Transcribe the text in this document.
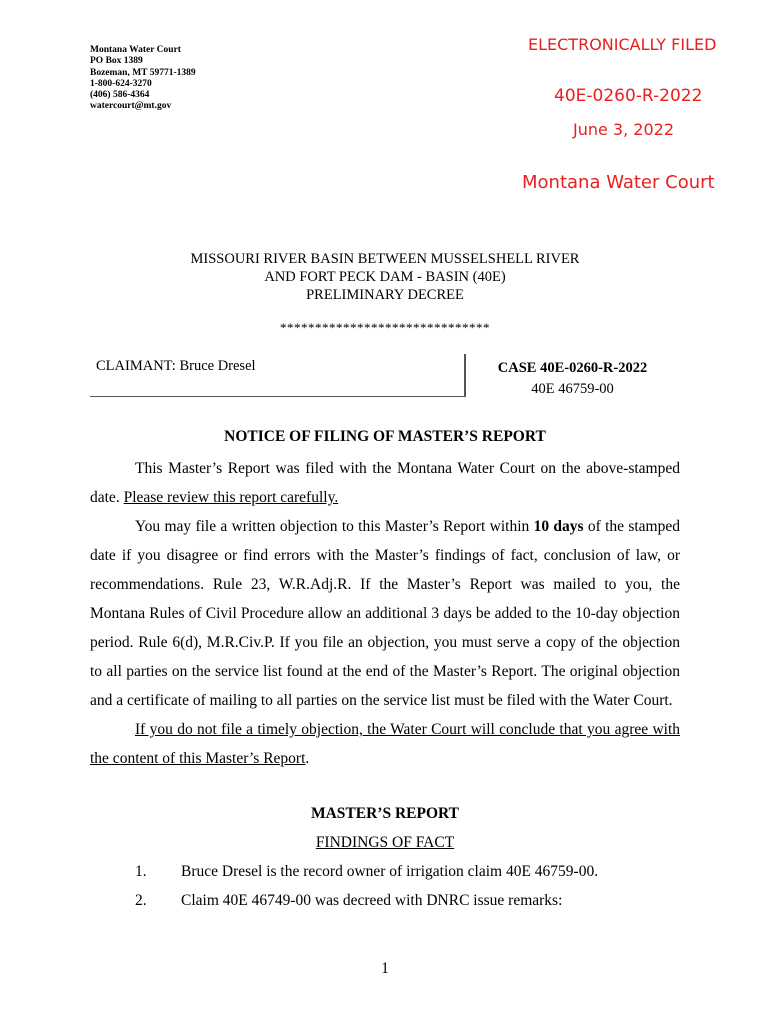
Montana Water Court
PO Box 1389
Bozeman, MT 59771-1389
1-800-624-3270
(406) 586-4364
watercourt@mt.gov
ELECTRONICALLY FILED
40E-0260-R-2022
June 3, 2022
Montana Water Court
MISSOURI RIVER BASIN BETWEEN MUSSELSHELL RIVER
AND FORT PECK DAM - BASIN (40E)
PRELIMINARY DECREE
******************************
CLAIMANT: Bruce Dresel	CASE 40E-0260-R-2022
40E 46759-00
NOTICE OF FILING OF MASTER’S REPORT

This Master’s Report was filed with the Montana Water Court on the above-stamped date. Please review this report carefully.

You may file a written objection to this Master’s Report within 10 days of the stamped date if you disagree or find errors with the Master’s findings of fact, conclusion of law, or recommendations. Rule 23, W.R.Adj.R. If the Master’s Report was mailed to you, the Montana Rules of Civil Procedure allow an additional 3 days be added to the 10-day objection period. Rule 6(d), M.R.Civ.P. If you file an objection, you must serve a copy of the objection to all parties on the service list found at the end of the Master’s Report. The original objection and a certificate of mailing to all parties on the service list must be filed with the Water Court.

If you do not file a timely objection, the Water Court will conclude that you agree with the content of this Master’s Report.

MASTER’S REPORT
FINDINGS OF FACT
1. Bruce Dresel is the record owner of irrigation claim 40E 46759-00.
2. Claim 40E 46749-00 was decreed with DNRC issue remarks:
1
